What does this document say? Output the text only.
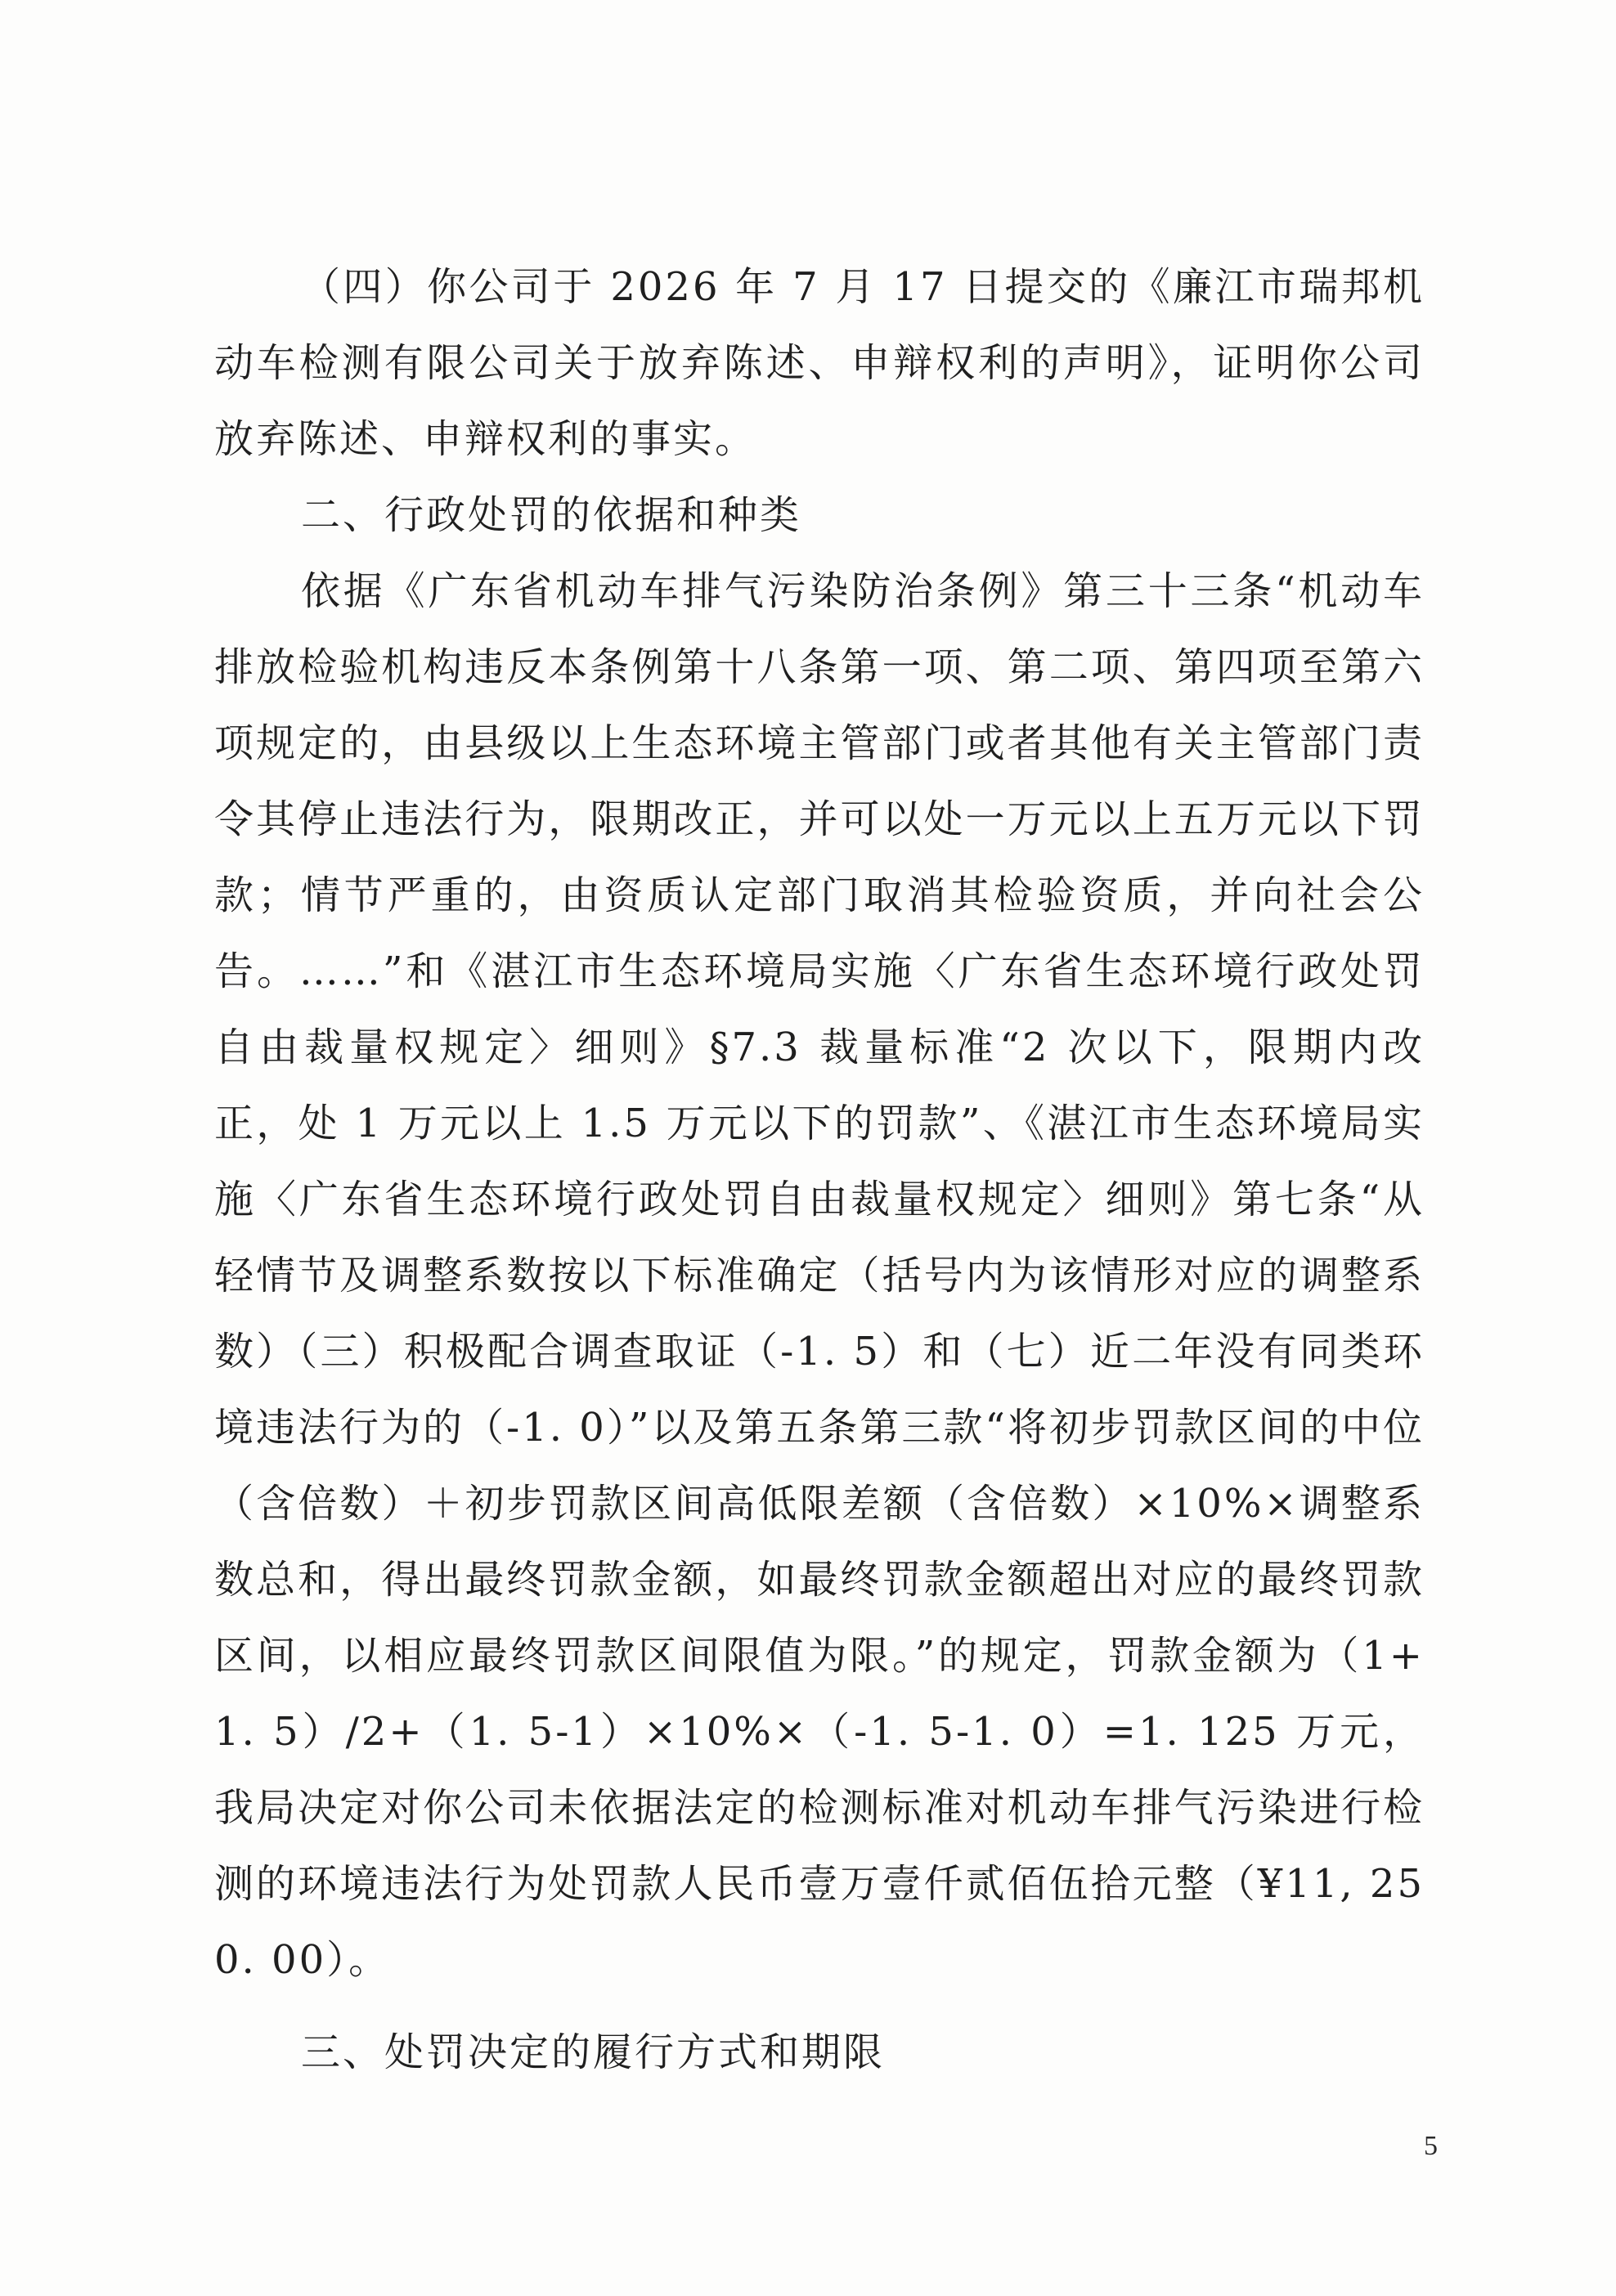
（四）你公司于 2026 年 7 月 17 日提交的《廉江市瑞邦机动车检测有限公司关于放弃陈述、申辩权利的声明》，证明你公司放弃陈述、申辩权利的事实。

二、行政处罚的依据和种类

依据《广东省机动车排气污染防治条例》第三十三条“机动车排放检验机构违反本条例第十八条第一项、第二项、第四项至第六项规定的，由县级以上生态环境主管部门或者其他有关主管部门责令其停止违法行为，限期改正，并可以处一万元以上五万元以下罚款；情节严重的，由资质认定部门取消其检验资质，并向社会公告。……”和《湛江市生态环境局实施〈广东省生态环境行政处罚自由裁量权规定〉细则》§7.3 裁量标准“2 次以下，限期内改正，处 1 万元以上 1.5 万元以下的罚款”、《湛江市生态环境局实施〈广东省生态环境行政处罚自由裁量权规定〉细则》第七条“从轻情节及调整系数按以下标准确定（括号内为该情形对应的调整系数）（三）积极配合调查取证（-1. 5）和（七）近二年没有同类环境违法行为的（-1. 0）”以及第五条第三款“将初步罚款区间的中位（含倍数）＋初步罚款区间高低限差额（含倍数）×10%×调整系数总和，得出最终罚款金额，如最终罚款金额超出对应的最终罚款区间，以相应最终罚款区间限值为限。”的规定，罚款金额为（1+1. 5）/2+（1. 5-1）×10%×（-1. 5-1. 0）=1. 125 万元，我局决定对你公司未依据法定的检测标准对机动车排气污染进行检测的环境违法行为处罚款人民币壹万壹仟贰佰伍拾元整（¥11, 250. 00）。

三、处罚决定的履行方式和期限
5
